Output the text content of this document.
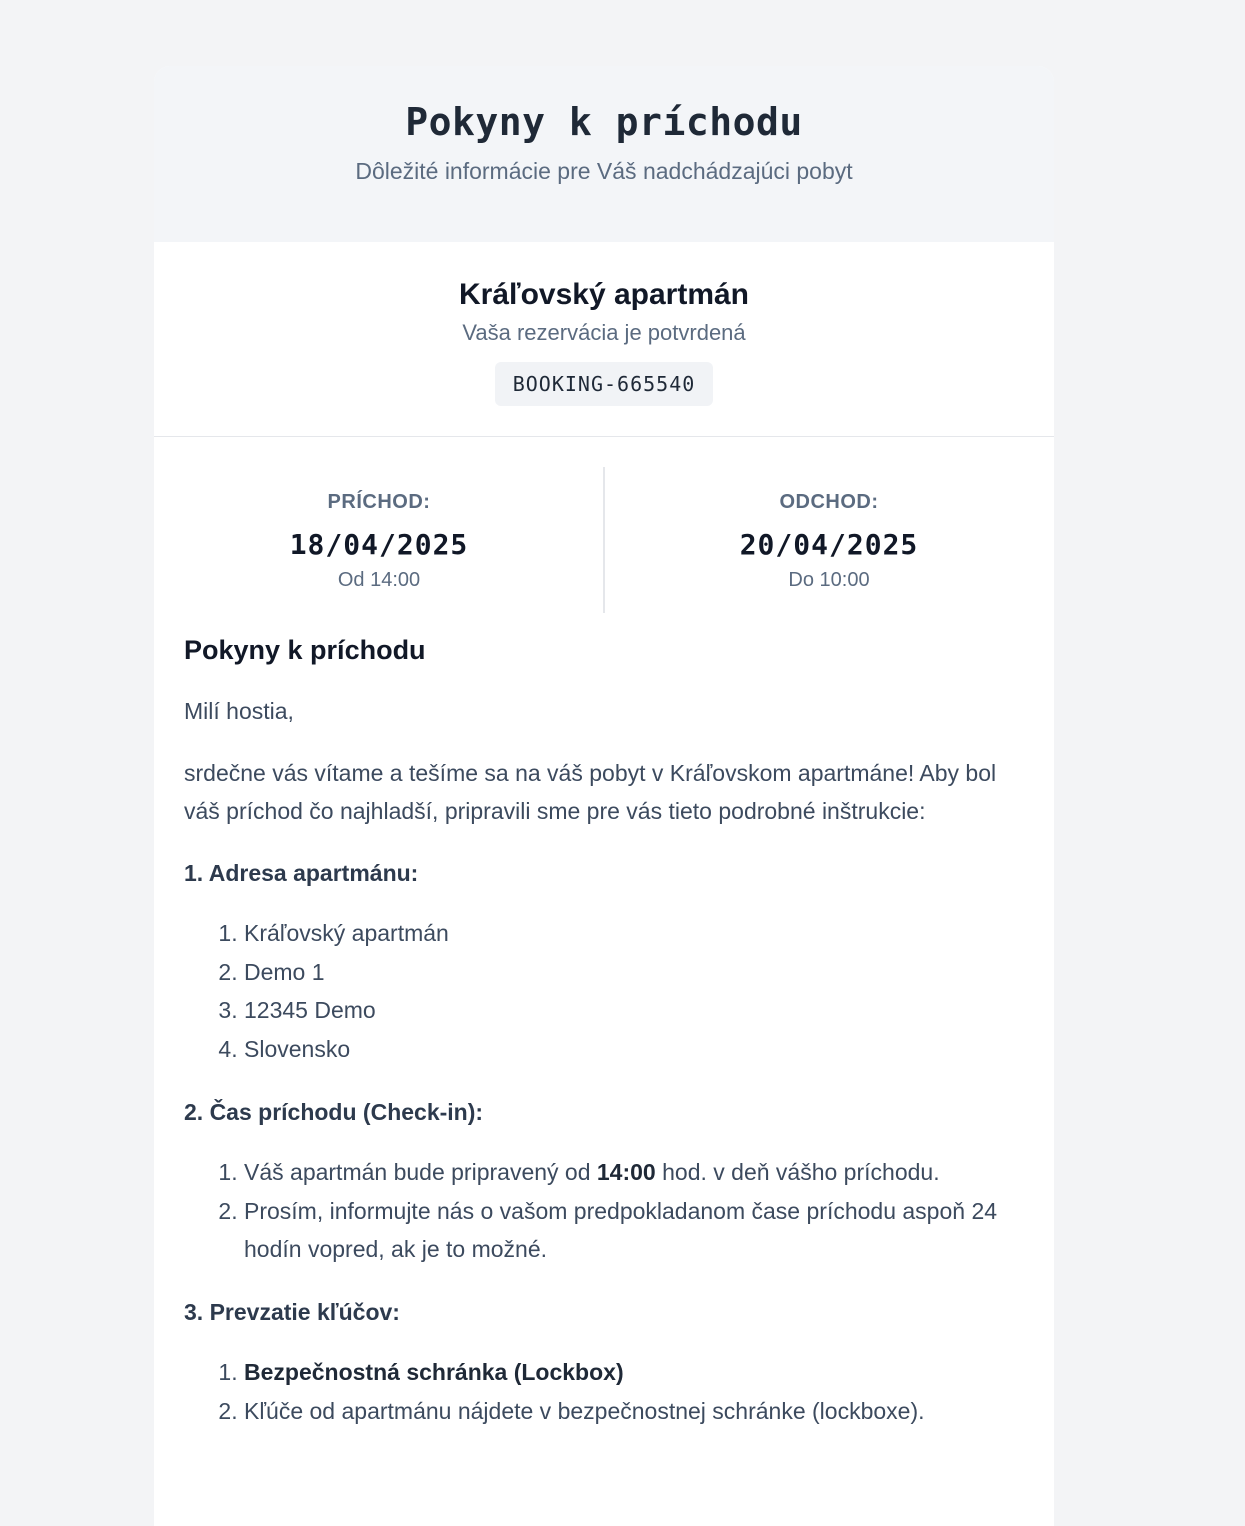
Pokyny k príchodu
Dôležité informácie pre Váš nadchádzajúci pobyt
Kráľovský apartmán
Vaša rezervácia je potvrdená
BOOKING-665540
PRÍCHOD:
18/04/2025
Od 14:00
ODCHOD:
20/04/2025
Do 10:00
Pokyny k príchodu

Milí hostia,

srdečne vás vítame a tešíme sa na váš pobyt v Kráľovskom apartmáne! Aby bol váš príchod čo najhladší, pripravili sme pre vás tieto podrobné inštrukcie:

1. Adresa apartmánu:

1. Kráľovský apartmán
2. Demo 1
3. 12345 Demo
4. Slovensko

2. Čas príchodu (Check-in):

1. Váš apartmán bude pripravený od 14:00 hod. v deň vášho príchodu.
2. Prosím, informujte nás o vašom predpokladanom čase príchodu aspoň 24 hodín vopred, ak je to možné.

3. Prevzatie kľúčov:

1. Bezpečnostná schránka (Lockbox)
2. Kľúče od apartmánu nájdete v bezpečnostnej schránke (lockboxe).
